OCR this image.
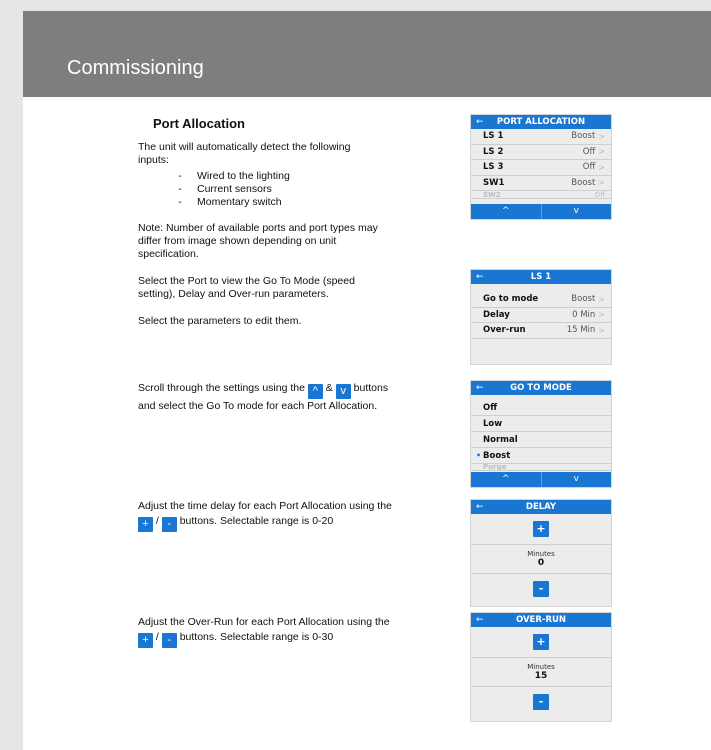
Commissioning
Port Allocation
The unit will automatically detect the following inputs:
-	Wired to the lighting
-	Current sensors
-	Momentary switch
Note: Number of available ports and port types may differ from image shown depending on unit specification.
Select the Port to view the Go To Mode (speed setting), Delay and Over-run parameters.
Select the parameters to edit them.
Scroll through the settings using the ^ & v buttons and select the Go To mode for each Port Allocation.
Adjust the time delay for each Port Allocation using the + / - buttons. Selectable range is 0-20
Adjust the Over-Run for each Port Allocation using the + / - buttons. Selectable range is 0-30
← PORT ALLOCATION
LS 1	Boost >
LS 2	Off >
LS 3	Off >
SW1	Boost >
SW2	Off
^	v
←	LS 1
Go to mode	Boost >
Delay	0 Min >
Over-run	15 Min >
←	GO TO MODE
Off
Low
Normal
• Boost
Purge
^	v
←	DELAY
+
Minutes
0
-
←	OVER-RUN
+
Minutes
15
-
